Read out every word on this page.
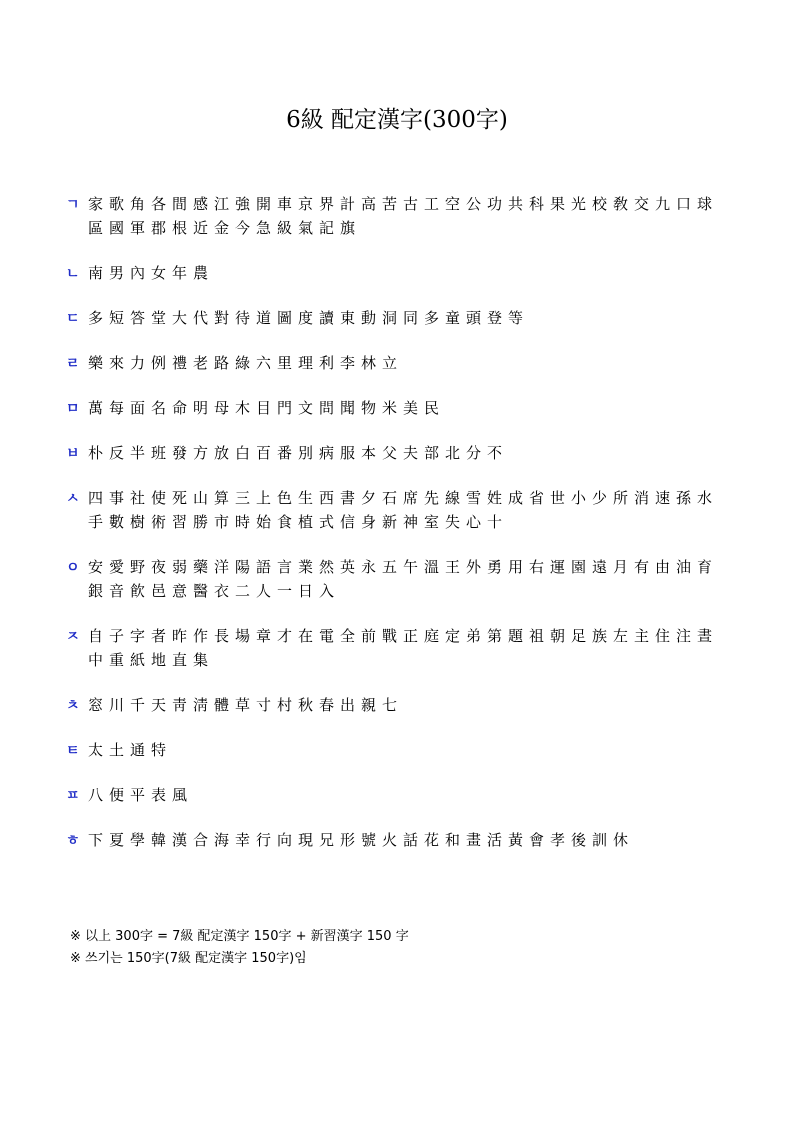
6級 配定漢字(300字)
ㄱ 家歌角各間感江強開車京界計高苦古工空公功共科果光校敎交九口球區國軍郡根近金今急級氣記旗
ㄴ 南男內女年農
ㄷ 多短答堂大代對待道圖度讀東動洞同多童頭登等
ㄹ 樂來力例禮老路綠六里理利李林立
ㅁ 萬每面名命明母木目門文問聞物米美民
ㅂ 朴反半班發方放白百番別病服本父夫部北分不
ㅅ 四事社使死山算三上色生西書夕石席先線雪姓成省世小少所消速孫水手數樹術習勝市時始食植式信身新神室失心十
ㅇ 安愛野夜弱藥洋陽語言業然英永五午溫王外勇用右運園遠月有由油育銀音飮邑意醫衣二人一日入
ㅈ 自子字者昨作長場章才在電全前戰正庭定弟第題祖朝足族左主住注晝中重紙地直集
ㅊ 窓川千天靑淸體草寸村秋春出親七
ㅌ 太土通特
ㅍ 八便平表風
ㅎ 下夏學韓漢合海幸行向現兄形號火話花和畫活黃會孝後訓休
※ 以上 300字 = 7級 配定漢字 150字 + 新習漢字 150 字
※ 쓰기는 150字(7級 配定漢字 150字)임
